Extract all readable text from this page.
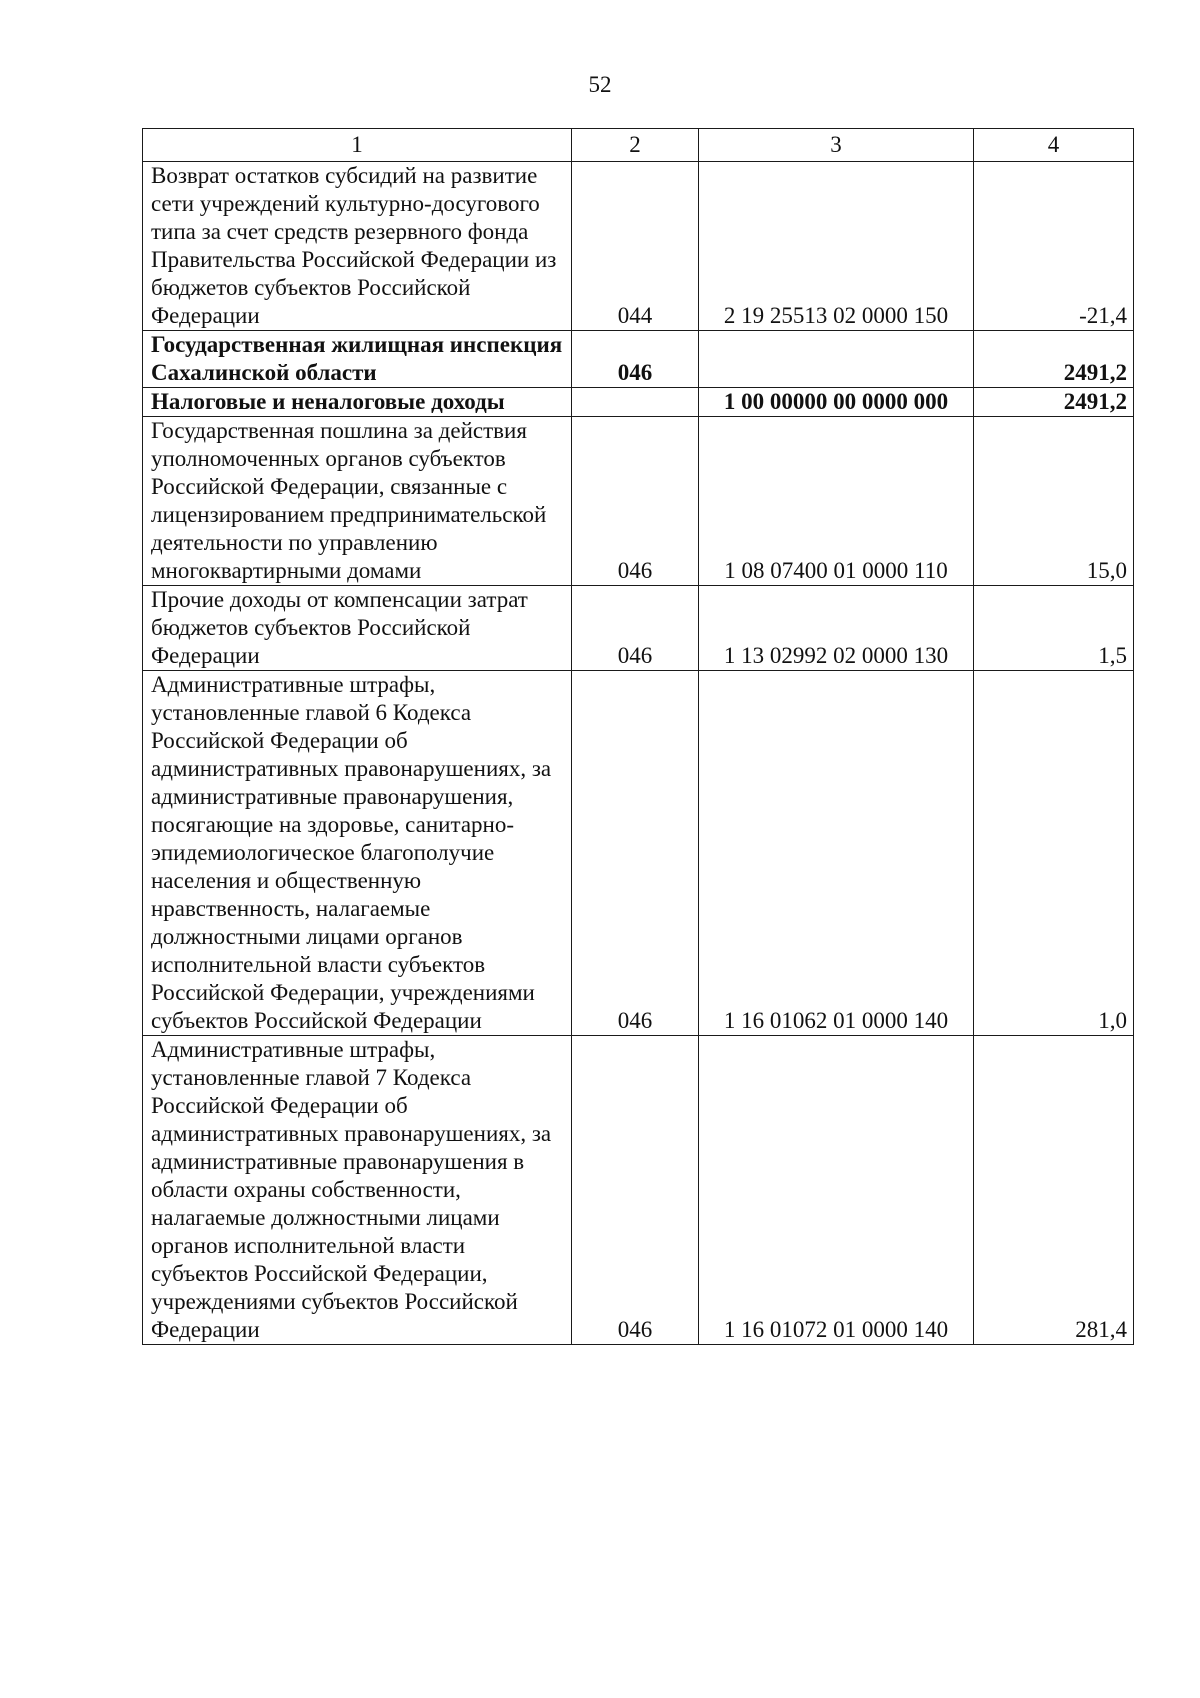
52
1	2	3	4
Возврат остатков субсидий на развитие сети учреждений культурно-досугового типа за счет средств резервного фонда Правительства Российской Федерации из бюджетов субъектов Российской Федерации	044	2 19 25513 02 0000 150	-21,4
Государственная жилищная инспекция Сахалинской области	046		2491,2
Налоговые и неналоговые доходы		1 00 00000 00 0000 000	2491,2
Государственная пошлина за действия уполномоченных органов субъектов Российской Федерации, связанные с лицензированием предпринимательской деятельности по управлению многоквартирными домами	046	1 08 07400 01 0000 110	15,0
Прочие доходы от компенсации затрат бюджетов субъектов Российской Федерации	046	1 13 02992 02 0000 130	1,5
Административные штрафы, установленные главой 6 Кодекса Российской Федерации об административных правонарушениях, за административные правонарушения, посягающие на здоровье, санитарно-эпидемиологическое благополучие населения и общественную нравственность, налагаемые должностными лицами органов исполнительной власти субъектов Российской Федерации, учреждениями субъектов Российской Федерации	046	1 16 01062 01 0000 140	1,0
Административные штрафы, установленные главой 7 Кодекса Российской Федерации об административных правонарушениях, за административные правонарушения в области охраны собственности, налагаемые должностными лицами органов исполнительной власти субъектов Российской Федерации, учреждениями субъектов Российской Федерации	046	1 16 01072 01 0000 140	281,4
